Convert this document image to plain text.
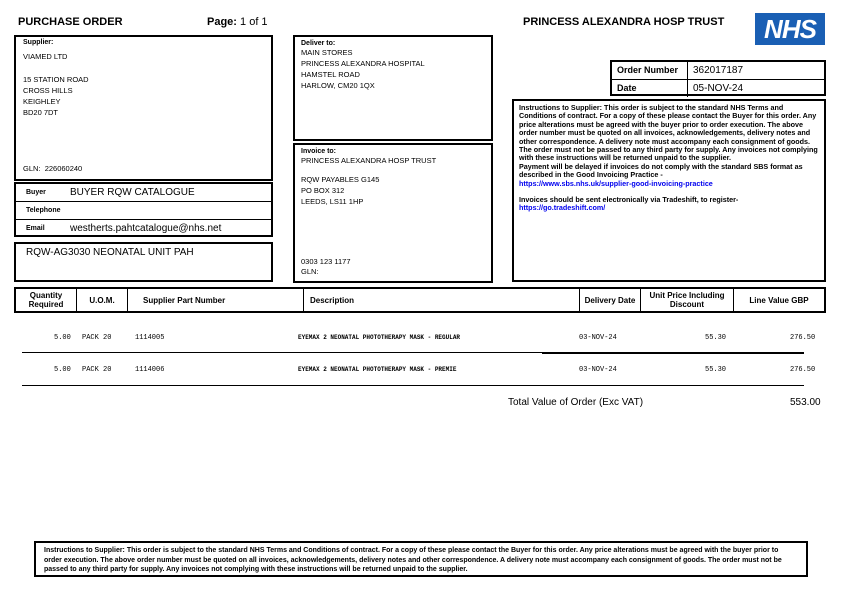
PURCHASE ORDER	Page: 1 of 1	PRINCESS ALEXANDRA HOSP TRUST	NHS
Supplier:
VIAMED LTD
15 STATION ROAD
CROSS HILLS
KEIGHLEY
BD20 7DT
GLN: 226060240
Buyer	BUYER RQW CATALOGUE
Telephone
Email	westherts.pahtcatalogue@nhs.net
RQW-AG3030 NEONATAL UNIT PAH
Deliver to:
MAIN STORES
PRINCESS ALEXANDRA HOSPITAL
HAMSTEL ROAD
HARLOW, CM20 1QX
Invoice to:
PRINCESS ALEXANDRA HOSP TRUST
RQW PAYABLES G145
PO BOX 312
LEEDS, LS11 1HP
0303 123 1177
GLN:
Order Number	362017187
Date	05-NOV-24
Instructions to Supplier: This order is subject to the standard NHS Terms and Conditions of contract. For a copy of these please contact the Buyer for this order. Any price alterations must be agreed with the buyer prior to order execution. The above order number must be quoted on all invoices, acknowledgements, delivery notes and other correspondence. A delivery note must accompany each consignment of goods. The order must not be passed to any third party for supply. Any invoices not complying with these instructions will be returned unpaid to the supplier.
Payment will be delayed if invoices do not comply with the standard SBS format as described in the Good Invoicing Practice -
https://www.sbs.nhs.uk/supplier-good-invoicing-practice
Invoices should be sent electronically via Tradeshift, to register-
https://go.tradeshift.com/
Quantity Required	U.O.M.	Supplier Part Number	Description	Delivery Date	Unit Price Including Discount	Line Value GBP
5.00 PACK 20	1114005	EYEMAX 2 NEONATAL PHOTOTHERAPY MASK - REGULAR	03-NOV-24	55.30	276.50
5.00 PACK 20	1114006	EYEMAX 2 NEONATAL PHOTOTHERAPY MASK - PREMIE	03-NOV-24	55.30	276.50
Total Value of Order (Exc VAT)	553.00
Instructions to Supplier: This order is subject to the standard NHS Terms and Conditions of contract. For a copy of these please contact the Buyer for this order. Any price alterations must be agreed with the buyer prior to order execution. The above order number must be quoted on all invoices, acknowledgements, delivery notes and other correspondence. A delivery note must accompany each consignment of goods. The order must not be passed to any third party for supply. Any invoices not complying with these instructions will be returned unpaid to the supplier.
